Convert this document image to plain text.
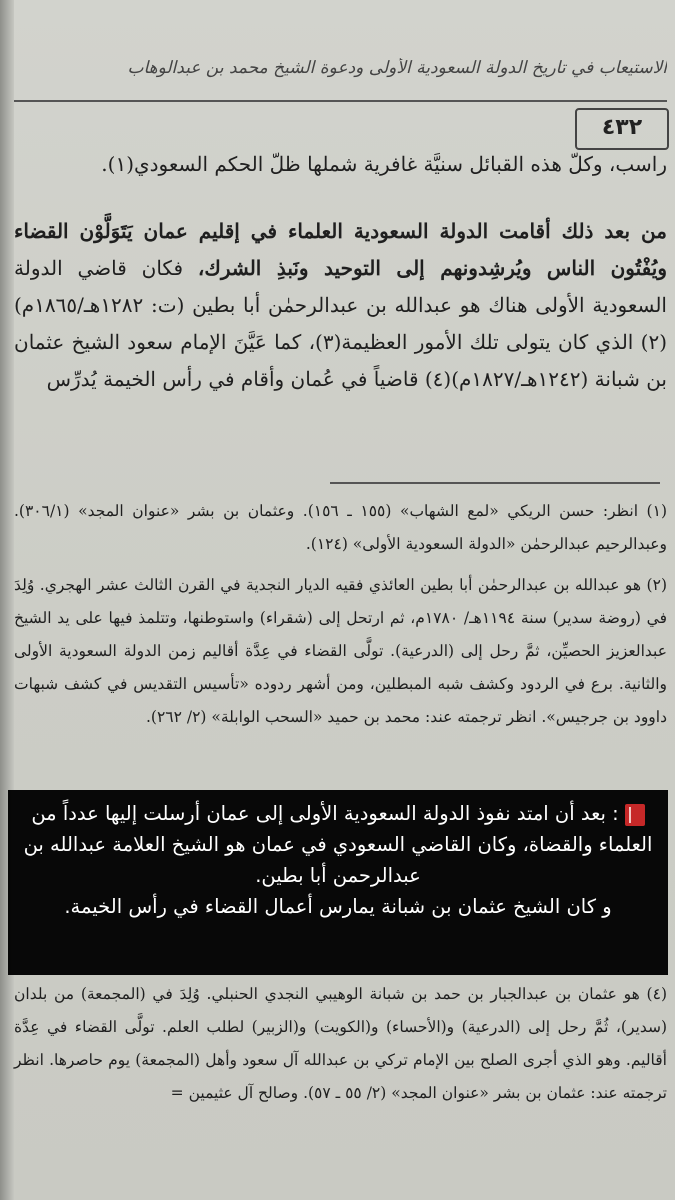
الاستيعاب في تاريخ الدولة السعودية الأولى ودعوة الشيخ محمد بن عبدالوهاب
٤٣٢

راسب، وكلّ هذه القبائل سنيَّة غافرية شملها ظلّ الحكم السعودي(١).

من بعد ذلك أقامت الدولة السعودية العلماء في إقليم عمان يَتَوَلَّوْن القضاء ويُفْتُون الناس ويُرشِدونهم إلى التوحيد ونَبذِ الشرك، فكان قاضي الدولة السعودية الأولى هناك هو عبدالله بن عبدالرحمٰن أبا بطين (ت: ١٢٨٢هـ/١٨٦٥م)(٢) الذي كان يتولى تلك الأمور العظيمة(٣)، كما عَيَّنَ الإمام سعود الشيخ عثمان بن شبانة (١٢٤٢هـ/١٨٢٧م)(٤) قاضياً في عُمان وأقام في رأس الخيمة يُدرِّس

(١) انظر: حسن الريكي «لمع الشهاب» (١٥٥ ـ ١٥٦). وعثمان بن بشر «عنوان المجد» (٣٠٦/١). وعبدالرحيم عبدالرحمٰن «الدولة السعودية الأولى» (١٢٤).

(٢) هو عبدالله بن عبدالرحمٰن أبا بطين العائذي فقيه الديار النجدية في القرن الثالث عشر الهجري. وُلِدَ في (روضة سدير) سنة ١١٩٤هـ/ ١٧٨٠م، ثم ارتحل إلى (شقراء) واستوطنها، وتتلمذ فيها على يد الشيخ عبدالعزيز الحصيِّن، ثمَّ رحل إلى (الدرعية). تولَّى القضاء في عِدَّة أقاليم زمن الدولة السعودية الأولى والثانية. برع في الردود وكشف شبه المبطلين، ومن أشهر ردوده «تأسيس التقديس في كشف شبهات داوود بن جرجيس». انظر ترجمته عند: محمد بن حميد «السحب الوابلة» (٢/ ٢٦٢).

: بعد أن امتد نفوذ الدولة السعودية الأولى إلى عمان أرسلت إليها عدداً من العلماء والقضاة، وكان القاضي السعودي في عمان هو الشيخ العلامة عبدالله بن عبدالرحمن أبا بطين.
و كان الشيخ عثمان بن شبانة يمارس أعمال القضاء في رأس الخيمة.

(٤) هو عثمان بن عبدالجبار بن حمد بن شبانة الوهيبي النجدي الحنبلي. وُلِدَ في (المجمعة) من بلدان (سدير)، ثُمَّ رحل إلى (الدرعية) و(الأحساء) و(الكويت) و(الزبير) لطلب العلم. تولَّى القضاء في عِدَّة أقاليم. وهو الذي أجرى الصلح بين الإمام تركي بن عبدالله آل سعود وأهل (المجمعة) يوم حاصرها. انظر ترجمته عند: عثمان بن بشر «عنوان المجد» (٢/ ٥٥ ـ ٥٧). وصالح آل عثيمين =
